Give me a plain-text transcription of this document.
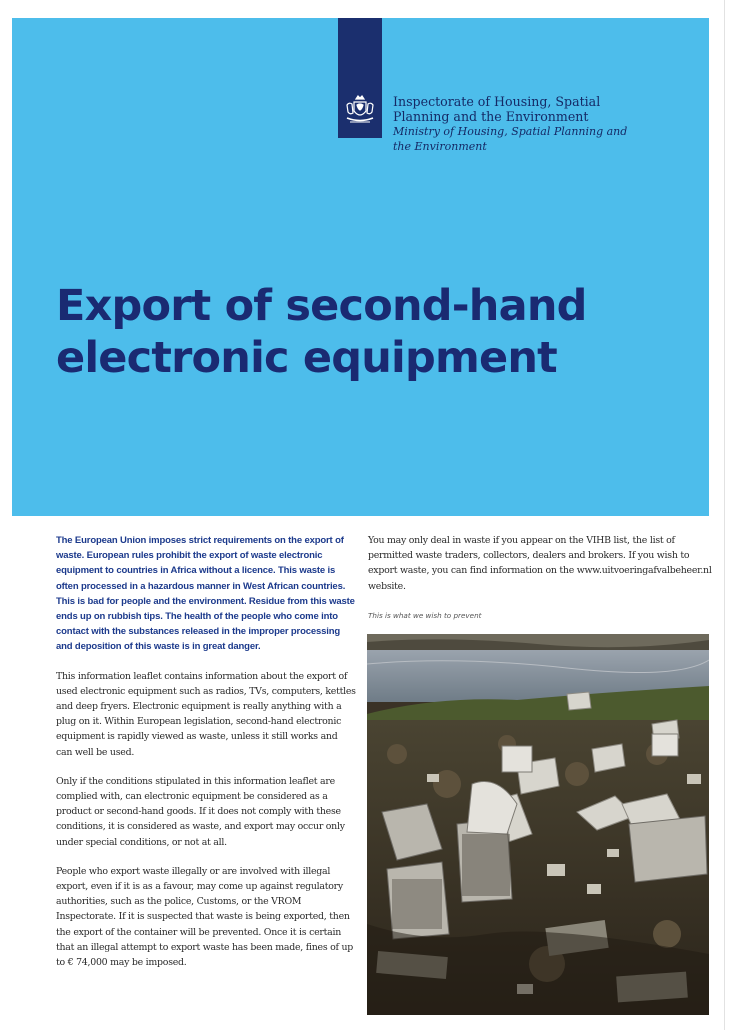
Inspectorate of Housing, Spatial
Planning and the Environment
Ministry of Housing, Spatial Planning and
the Environment
Export of second-hand
electronic equipment

The European Union imposes strict requirements on the export of waste. European rules prohibit the export of waste electronic equipment to countries in Africa without a licence. This waste is often processed in a hazardous manner in West African countries. This is bad for people and the environment. Residue from this waste ends up on rubbish tips. The health of the people who come into contact with the substances released in the improper processing and deposition of this waste is in great danger.

This information leaflet contains information about the export of used electronic equipment such as radios, TVs, computers, kettles and deep fryers. Electronic equipment is really anything with a plug on it. Within European legislation, second-hand electronic equipment is rapidly viewed as waste, unless it still works and can well be used.

Only if the conditions stipulated in this information leaflet are complied with, can electronic equipment be considered as a product or second-hand goods. If it does not comply with these conditions, it is considered as waste, and export may occur only under special conditions, or not at all.

People who export waste illegally or are involved with illegal export, even if it is as a favour, may come up against regulatory authorities, such as the police, Customs, or the VROM Inspectorate. If it is suspected that waste is being exported, then the export of the container will be prevented. Once it is certain that an illegal attempt to export waste has been made, fines of up to € 74,000 may be imposed.

You may only deal in waste if you appear on the VIHB list, the list of permitted waste traders, collectors, dealers and brokers. If you wish to export waste, you can find information on the www.uitvoeringafvalbeheer.nl website.

This is what we wish to prevent
